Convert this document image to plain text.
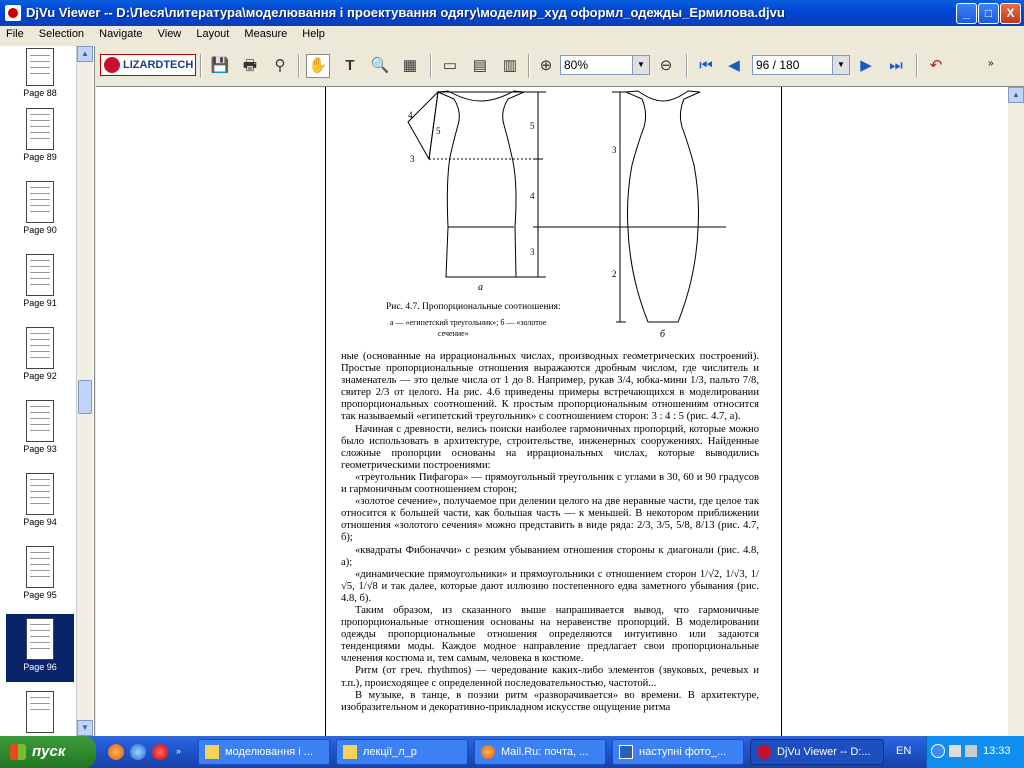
DjVu Viewer -- D:\Леся\литература\моделювання і проектування одягу\моделир_худ оформл_одежды_Ермилова.djvu	_	□	X
File Selection Navigate View Layout Measure Help
Page 88
Page 89
Page 90
Page 91
Page 92
Page 93
Page 94
Page 95
Page 96
▲
▼
LIZARDTECH 💾 🖶	⚲	✋	T	🔍 ▦	▭	▤	▥	⊕ 80%	▼ ⊖	⏮	◀	96 / 180	▼	▶	⏭	↶	»
4
5
3
5
4
3
3
2
а
б
Рис. 4.7. Пропорциональные соотношения:
а — «египетский треугольник»; б — «золотое
сечение»

ные (основанные на иррациональных числах, производных геометрических построений). Простые пропорциональные отношения выражаются дробным числом, где числитель и знаменатель — это целые числа от 1 до 8. Например, рукав 3/4, юбка-мини 1/3, пальто 7/8, свитер 2/3 от целого. На рис. 4.6 приведены примеры встречающихся в моделировании пропорциональных соотношений. К простым пропорциональным отношениям относится так называемый «египетский треугольник» с соотношением сторон: 3 : 4 : 5 (рис. 4.7, а).

Начиная с древности, велись поиски наиболее гармоничных пропорций, которые можно было использовать в архитектуре, строительстве, инженерных сооружениях. Найденные сложные пропорции основаны на иррациональных числах, которые выводились геометрическими построениями:

«треугольник Пифагора» — прямоугольный треугольник с углами в 30, 60 и 90 градусов и гармоничным соотношением сторон;

«золотое сечение», получаемое при делении целого на две неравные части, где целое так относится к большей части, как большая часть — к меньшей. В некотором приближении отношения «золотого сечения» можно представить в виде ряда: 2/3, 3/5, 5/8, 8/13 (рис. 4.7, б);

«квадраты Фибоначчи» с резким убыванием отношения стороны к диагонали (рис. 4.8, а);

«динамические прямоугольники» и прямоугольники с отношением сторон 1/√2, 1/√3, 1/√5, 1/√8 и так далее, которые дают иллюзию постепенного едва заметного убывания (рис. 4.8, б).

Таким образом, из сказанного выше напрашивается вывод, что гармоничные пропорциональные отношения основаны на неравенстве пропорций. В моделировании одежды пропорциональные отношения определяются интуитивно или задаются тенденциями моды. Каждое модное направление предлагает свои пропорциональные членения костюма и, тем самым, человека в костюме.

Ритм (от греч. rhythmos) — чередование каких-либо элементов (звуковых, речевых и т.п.), происходящее с определенной последовательностью, частотой...

В музыке, в танце, в поэзии ритм «разворачивается» во времени. В архитектуре, изобразительном и декоративно-прикладном искусстве ощущение ритма

▲
пуск	»	моделювання і ...	лекції_л_р	Mail.Ru: почта, ...	наступні фото_...	DjVu Viewer -- D:... EN	13:33
